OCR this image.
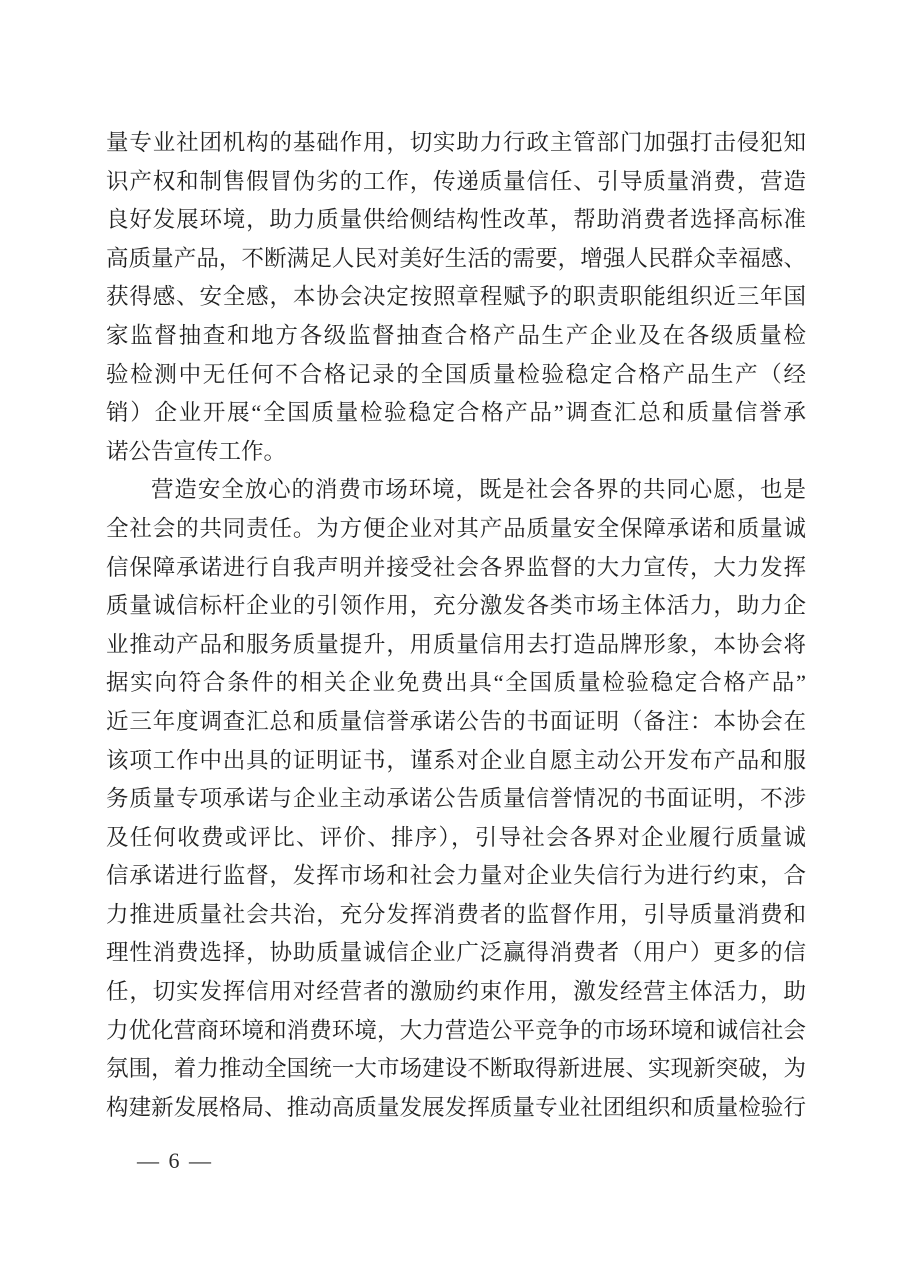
量专业社团机构的基础作用，切实助力行政主管部门加强打击侵犯知
识产权和制售假冒伪劣的工作，传递质量信任、引导质量消费，营造
良好发展环境，助力质量供给侧结构性改革，帮助消费者选择高标准
高质量产品，不断满足人民对美好生活的需要，增强人民群众幸福感、
获得感、安全感，本协会决定按照章程赋予的职责职能组织近三年国
家监督抽查和地方各级监督抽查合格产品生产企业及在各级质量检
验检测中无任何不合格记录的全国质量检验稳定合格产品生产（经
销）企业开展“全国质量检验稳定合格产品”调查汇总和质量信誉承
诺公告宣传工作。
营造安全放心的消费市场环境，既是社会各界的共同心愿，也是
全社会的共同责任。为方便企业对其产品质量安全保障承诺和质量诚
信保障承诺进行自我声明并接受社会各界监督的大力宣传，大力发挥
质量诚信标杆企业的引领作用，充分激发各类市场主体活力，助力企
业推动产品和服务质量提升，用质量信用去打造品牌形象，本协会将
据实向符合条件的相关企业免费出具“全国质量检验稳定合格产品”
近三年度调查汇总和质量信誉承诺公告的书面证明（备注：本协会在
该项工作中出具的证明证书，谨系对企业自愿主动公开发布产品和服
务质量专项承诺与企业主动承诺公告质量信誉情况的书面证明，不涉
及任何收费或评比、评价、排序），引导社会各界对企业履行质量诚
信承诺进行监督，发挥市场和社会力量对企业失信行为进行约束，合
力推进质量社会共治，充分发挥消费者的监督作用，引导质量消费和
理性消费选择，协助质量诚信企业广泛赢得消费者（用户）更多的信
任，切实发挥信用对经营者的激励约束作用，激发经营主体活力，助
力优化营商环境和消费环境，大力营造公平竞争的市场环境和诚信社会
氛围，着力推动全国统一大市场建设不断取得新进展、实现新突破，为
构建新发展格局、推动高质量发展发挥质量专业社团组织和质量检验行
— 6 —
